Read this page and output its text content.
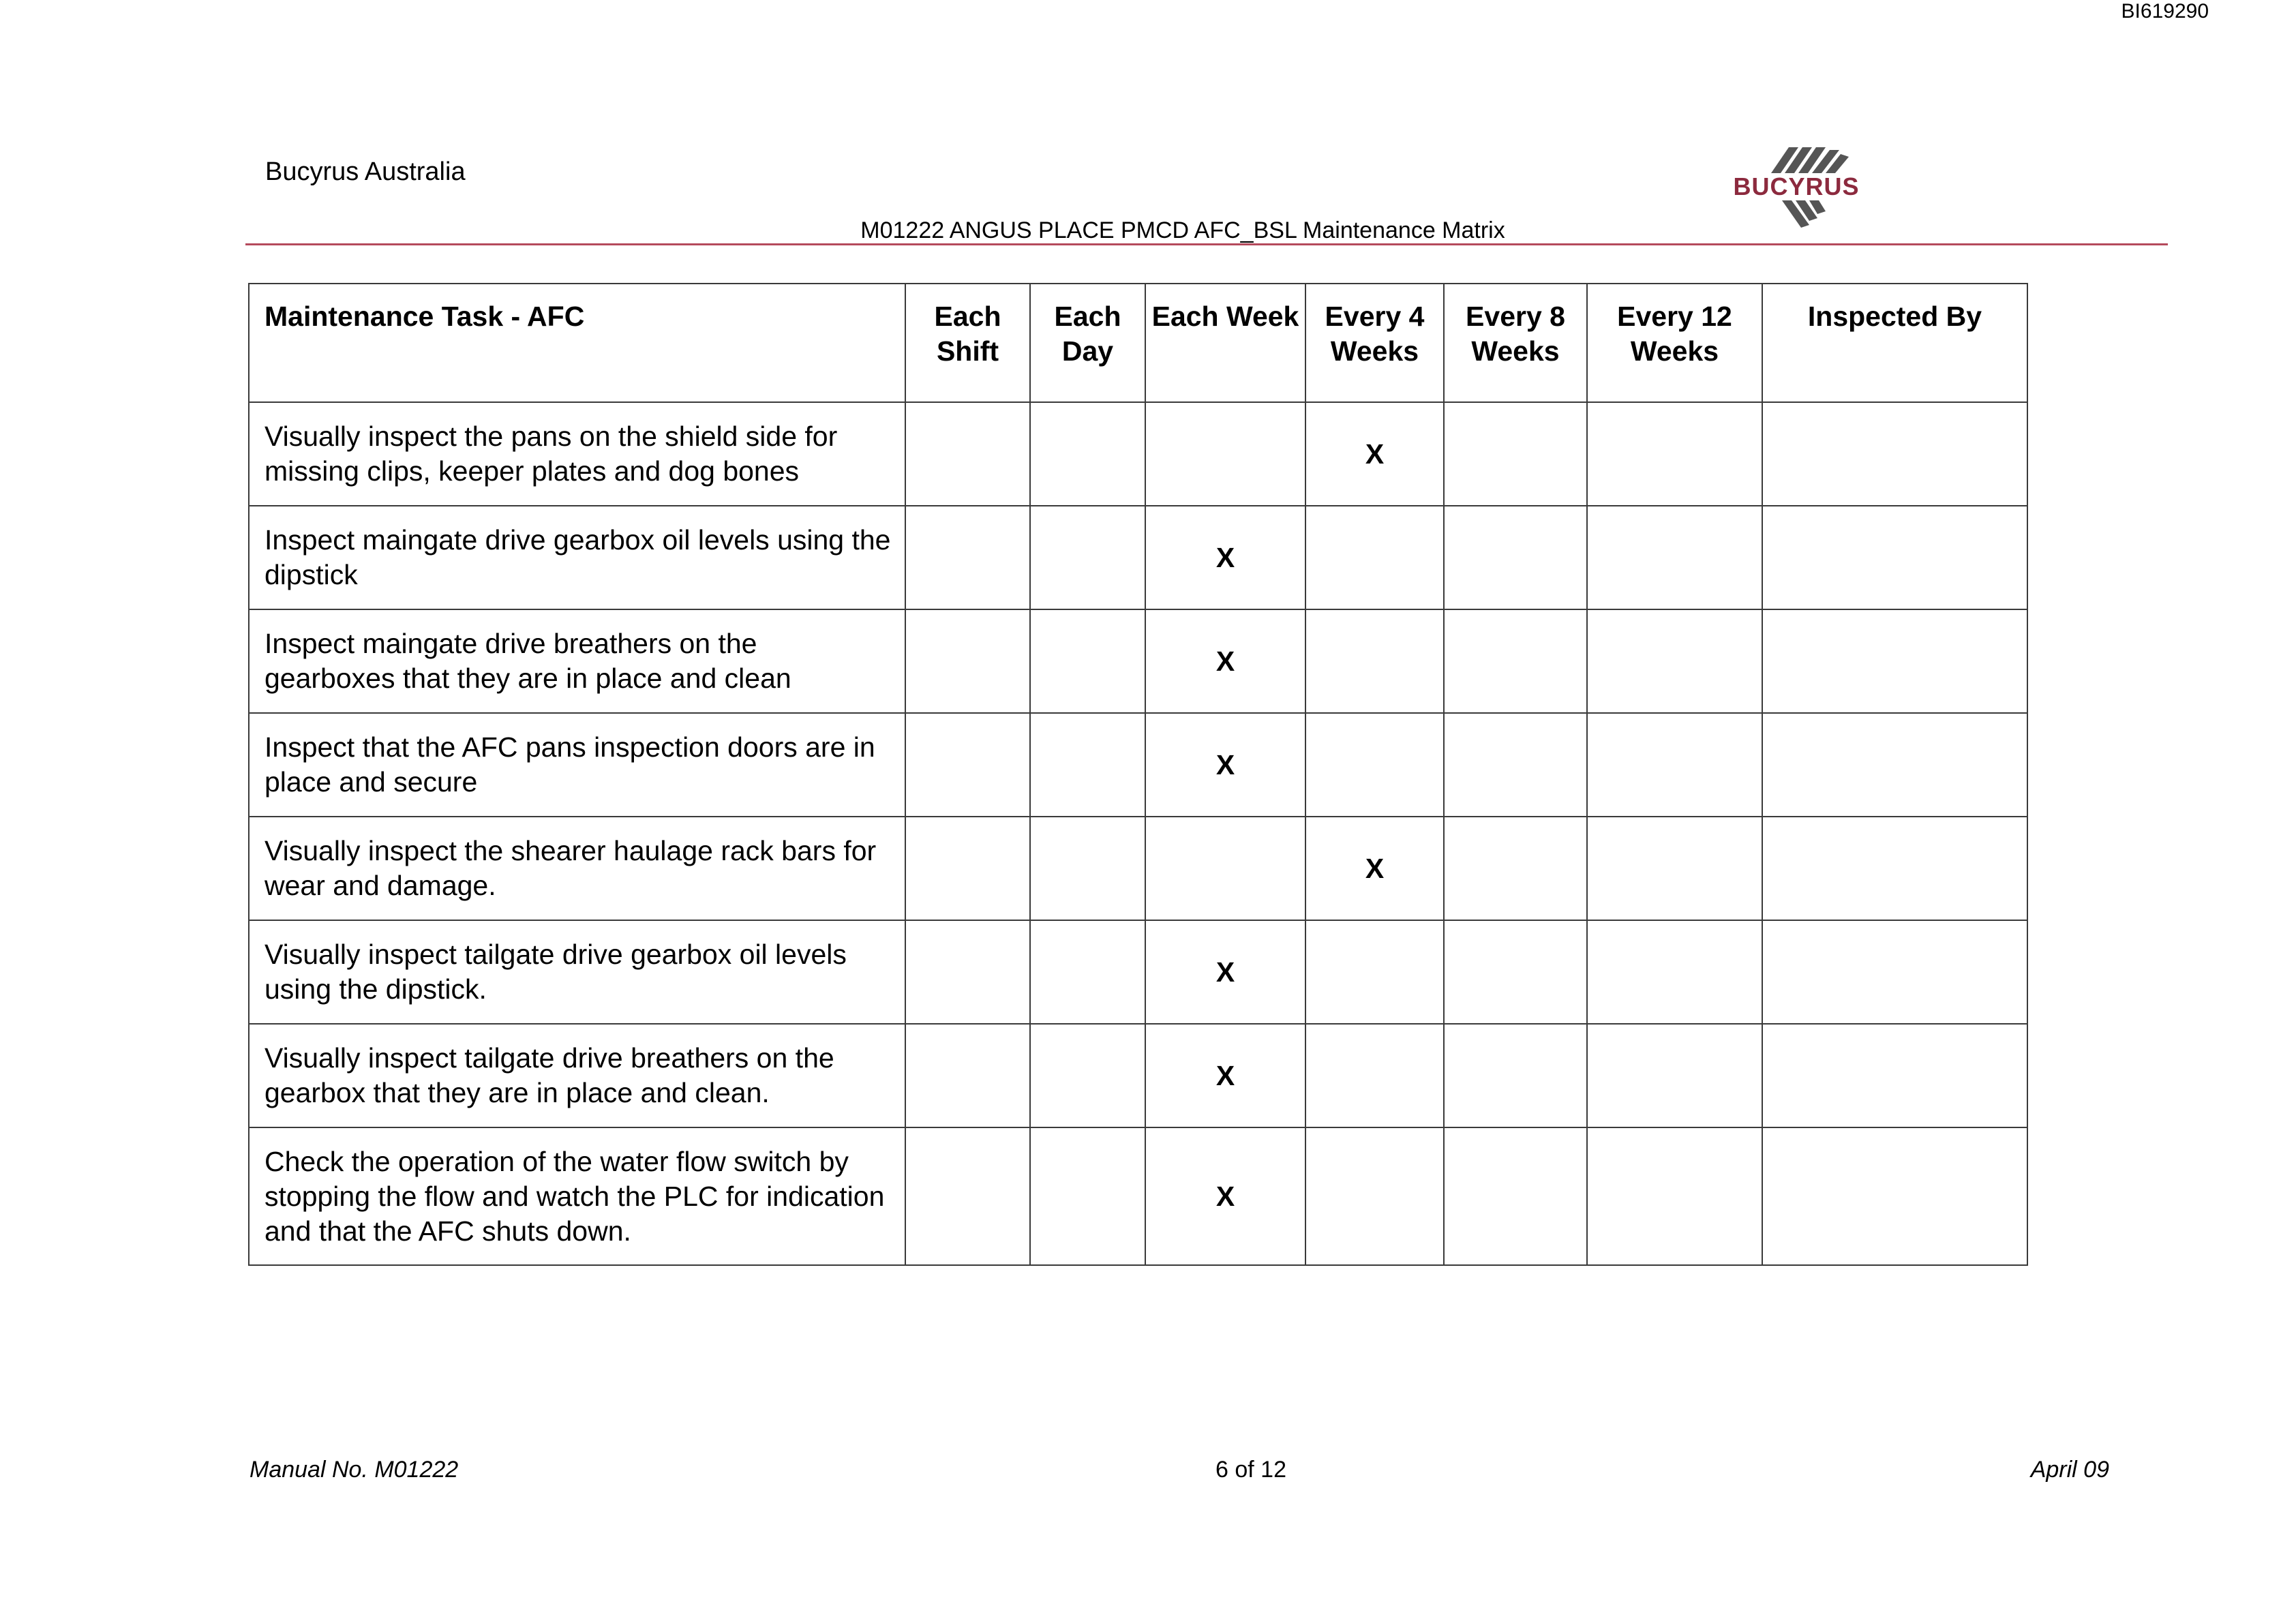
BI619290
Bucyrus Australia
BUCYRUS
M01222 ANGUS PLACE PMCD AFC_BSL Maintenance Matrix
Maintenance Task - AFC	Each Shift	Each Day	Each Week	Every 4 Weeks	Every 8 Weeks	Every 12 Weeks	Inspected By
Visually inspect the pans on the shield side for missing clips, keeper plates and dog bones				X			
Inspect maingate drive gearbox oil levels using the dipstick			X				
Inspect maingate drive breathers on the gearboxes that they are in place and clean			X				
Inspect that the AFC pans inspection doors are in place and secure			X				
Visually inspect the shearer haulage rack bars for wear and damage.				X			
Visually inspect tailgate drive gearbox oil levels using the dipstick.			X				
Visually inspect tailgate drive breathers on the gearbox that they are in place and clean.			X				
Check the operation of the water flow switch by stopping the flow and watch the PLC for indication and that the AFC shuts down.			X				
Manual No. M01222	6 of 12	April 09
